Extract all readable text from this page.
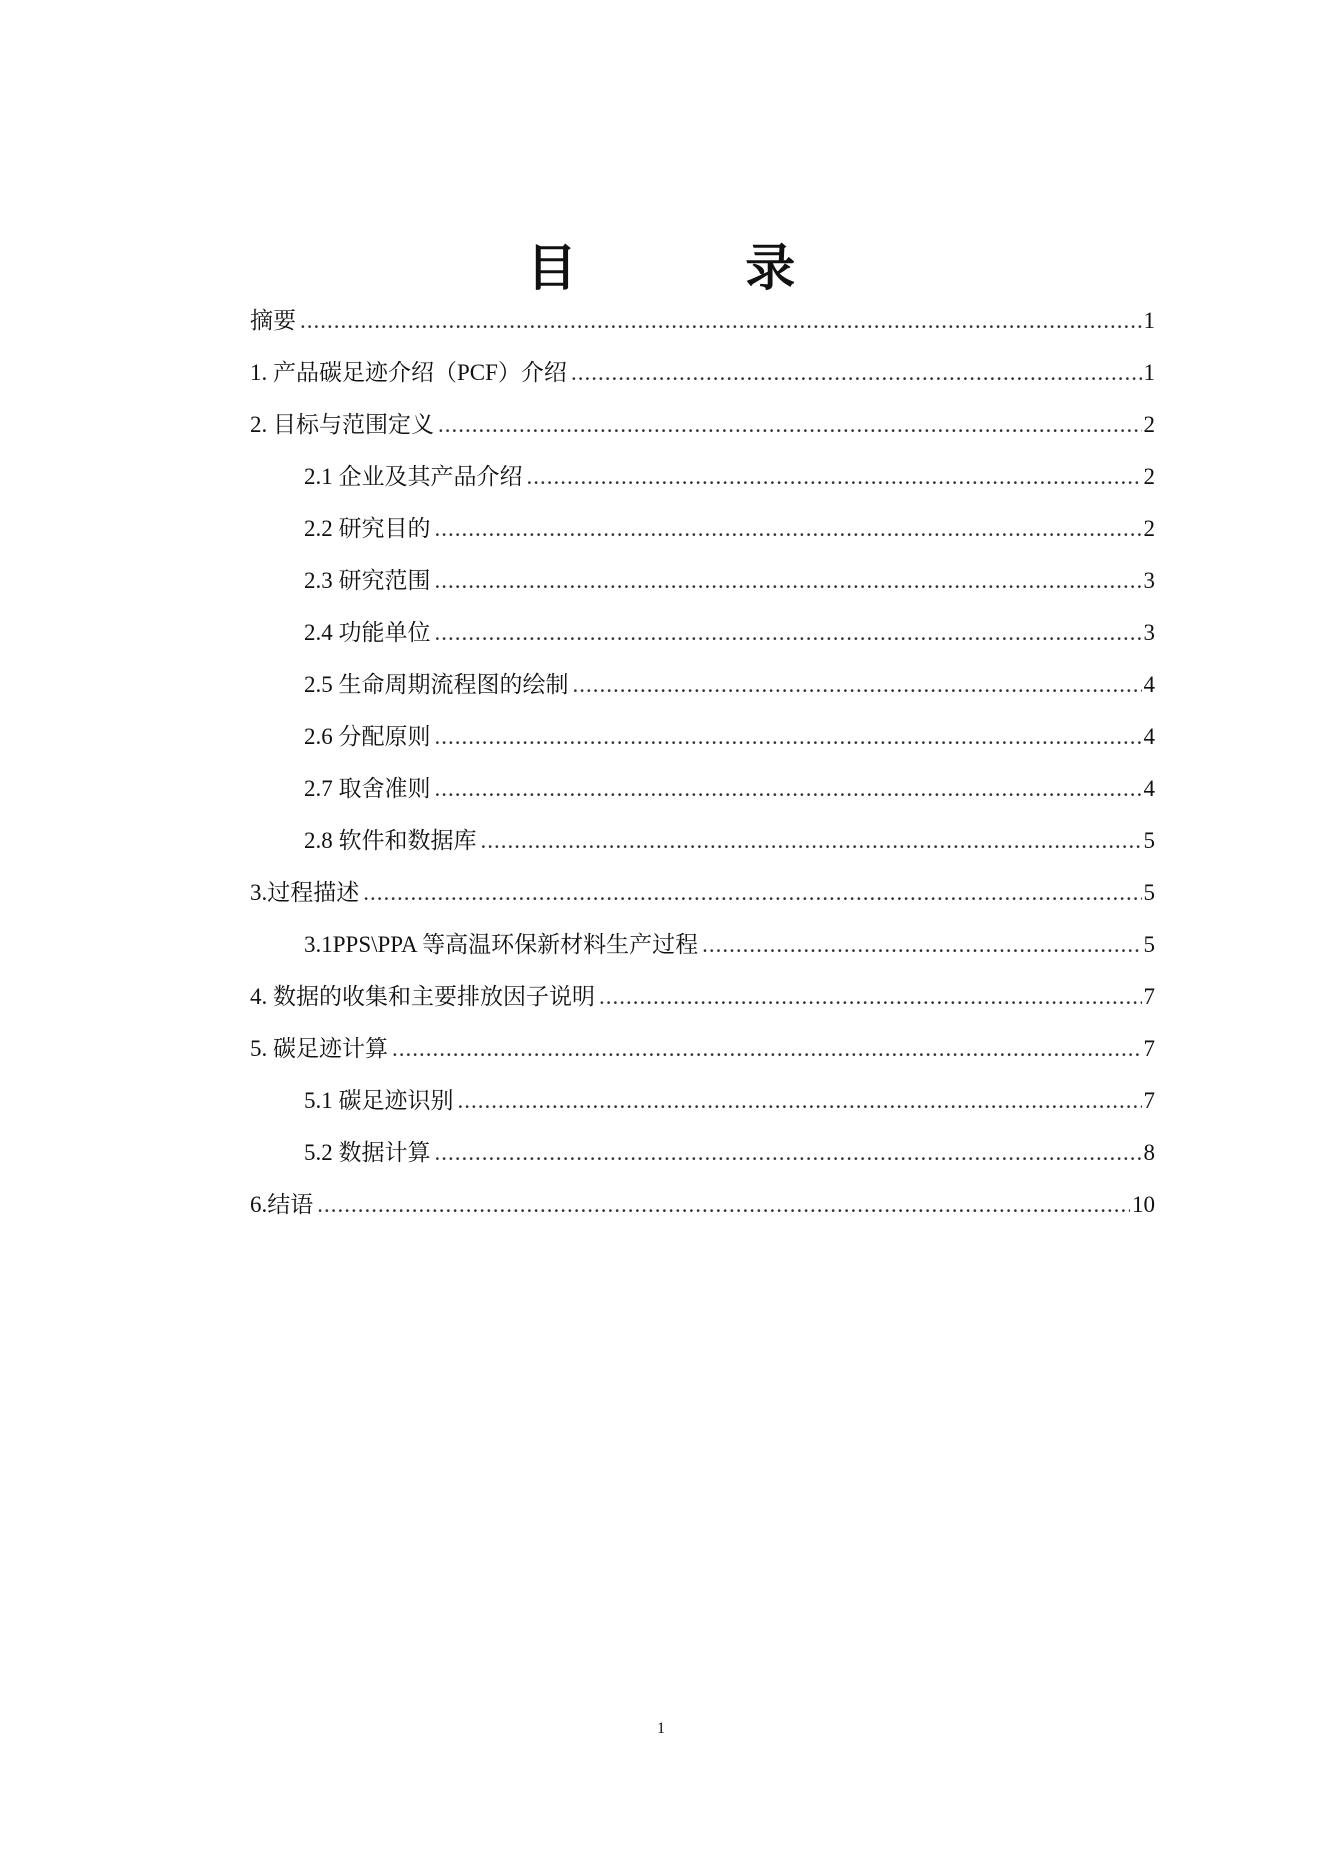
目 录
摘要 .....	1
1. 产品碳足迹介绍（PCF）介绍 .....	1
2. 目标与范围定义 .....	2
2.1 企业及其产品介绍 .....	2
2.2 研究目的 .....	2
2.3 研究范围 .....	3
2.4 功能单位 .....	3
2.5 生命周期流程图的绘制 .....	4
2.6 分配原则 .....	4
2.7 取舍准则 .....	4
2.8 软件和数据库 .....	5
3.过程描述 .....	5
3.1PPS\PPA 等高温环保新材料生产过程 .....	5
4. 数据的收集和主要排放因子说明 .....	7
5. 碳足迹计算 .....	7
5.1 碳足迹识别 .....	7
5.2 数据计算 .....	8
6.结语 .....	10
1
